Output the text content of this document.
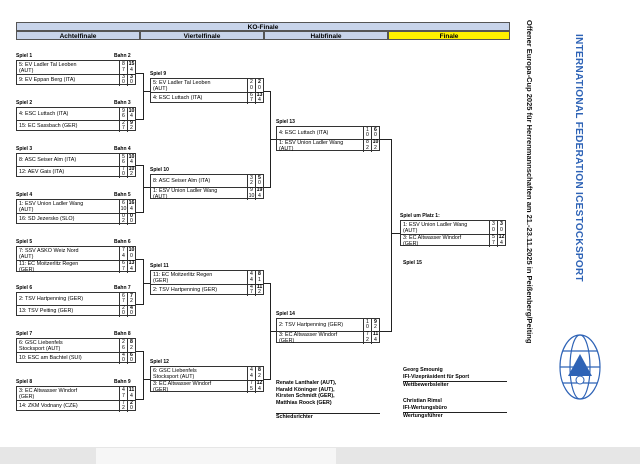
KO-Finale
Achtelfinale	Viertelfinale	Halbfinale	Finale
Spiel 1	Bahn 2
5: EV Ladler Tal Leoben
(AUT)
9: EV Eppan Berg (ITA)
8
7
15
4
3
0
3
0
Spiel 2	Bahn 3
4: ESC Luttach (ITA)
15: EC Sassbach (GER)
9
6
10
4
2
7
9
2
Spiel 3	Bahn 4
8: ASC Seiser Alm (ITA)
12: AEV Gais (ITA)
5
6
10
4
7
0
10
2
Spiel 4	Bahn 5
1: ESV Union Ladler Wang
(AUT)
16: SD Jezersko (SLO)
6
10
16
4
0
2
0
0
Spiel 5	Bahn 6
7: SSV ASKÖ Weiz Nord
(AUT)
11: EC Moitzerlitz Regen
(GER)
7
4
10
0
6
7
13
4
Spiel 6	Bahn 7
2: TSV Hartpenning (GER)
13: TSV Peiting (GER)
6
7
7
2
2
0
4
0
Spiel 7	Bahn 8
6: GSC Liebenfels
Stocksport (AUT)
10: ESC am Bachtel (SUI)
2
6
8
2
4
0
6
0
Spiel 8	Bahn 9
3: EC Altwasser Windorf
(GER)
14: ZKM Vodnany (CZE)
4
7
11
4
7
2
2
0
Spiel 9
5: EV Ladler Tal Leoben
(AUT)
4: ESC Luttach (ITA)
2
0
2
0
6
7
13
4
Spiel 10
8: ASC Seiser Alm (ITA)
1: ESV Union Ladler Wang
(AUT)
3
2
5
0
9
10
19
4
Spiel 11
11: EC Moitzerlitz Regen
(GER)
2: TSV Hartpenning (GER)
4
4
8
1
4
7
11
2
Spiel 12
6: GSC Liebenfels
Stocksport (AUT)
3: EC Altwasser Windorf
(GER)
4
4
8
2
7
5
12
4
Spiel 13
4: ESC Luttach (ITA)
1: ESV Union Ladler Wang
(AUT)
1
0
6
0
8
2
10
2
Spiel 14
2: TSV Hartpenning (GER)
3: EC Altwasser Windorf
(GER)
1
0
9
2
7
2
11
4
Spiel um Platz 1:
1: ESV Union Ladler Wang
(AUT)
3: EC Altwasser Windorf
(GER)
3
0
3
0
5
7
12
4
Spiel 15
Renate Lanthaler (AUT),
Harald Köninger (AUT),
Kirsten Schmidt (GER),
Matthias Roock (GER)
Schiedsrichter
Georg Smounig
IFI-Vizepräsident für Sport
Wettbewerbsleiter
Christian Rimsl
IFI-Wertungsbüro
Wertungsführer
Offener Europa-Cup 2025 für Herrenmannschaften am 21.-23.11.2025 in Peißenberg/Peiting	INTERNATIONAL FEDERATION ICESTOCKSPORT
